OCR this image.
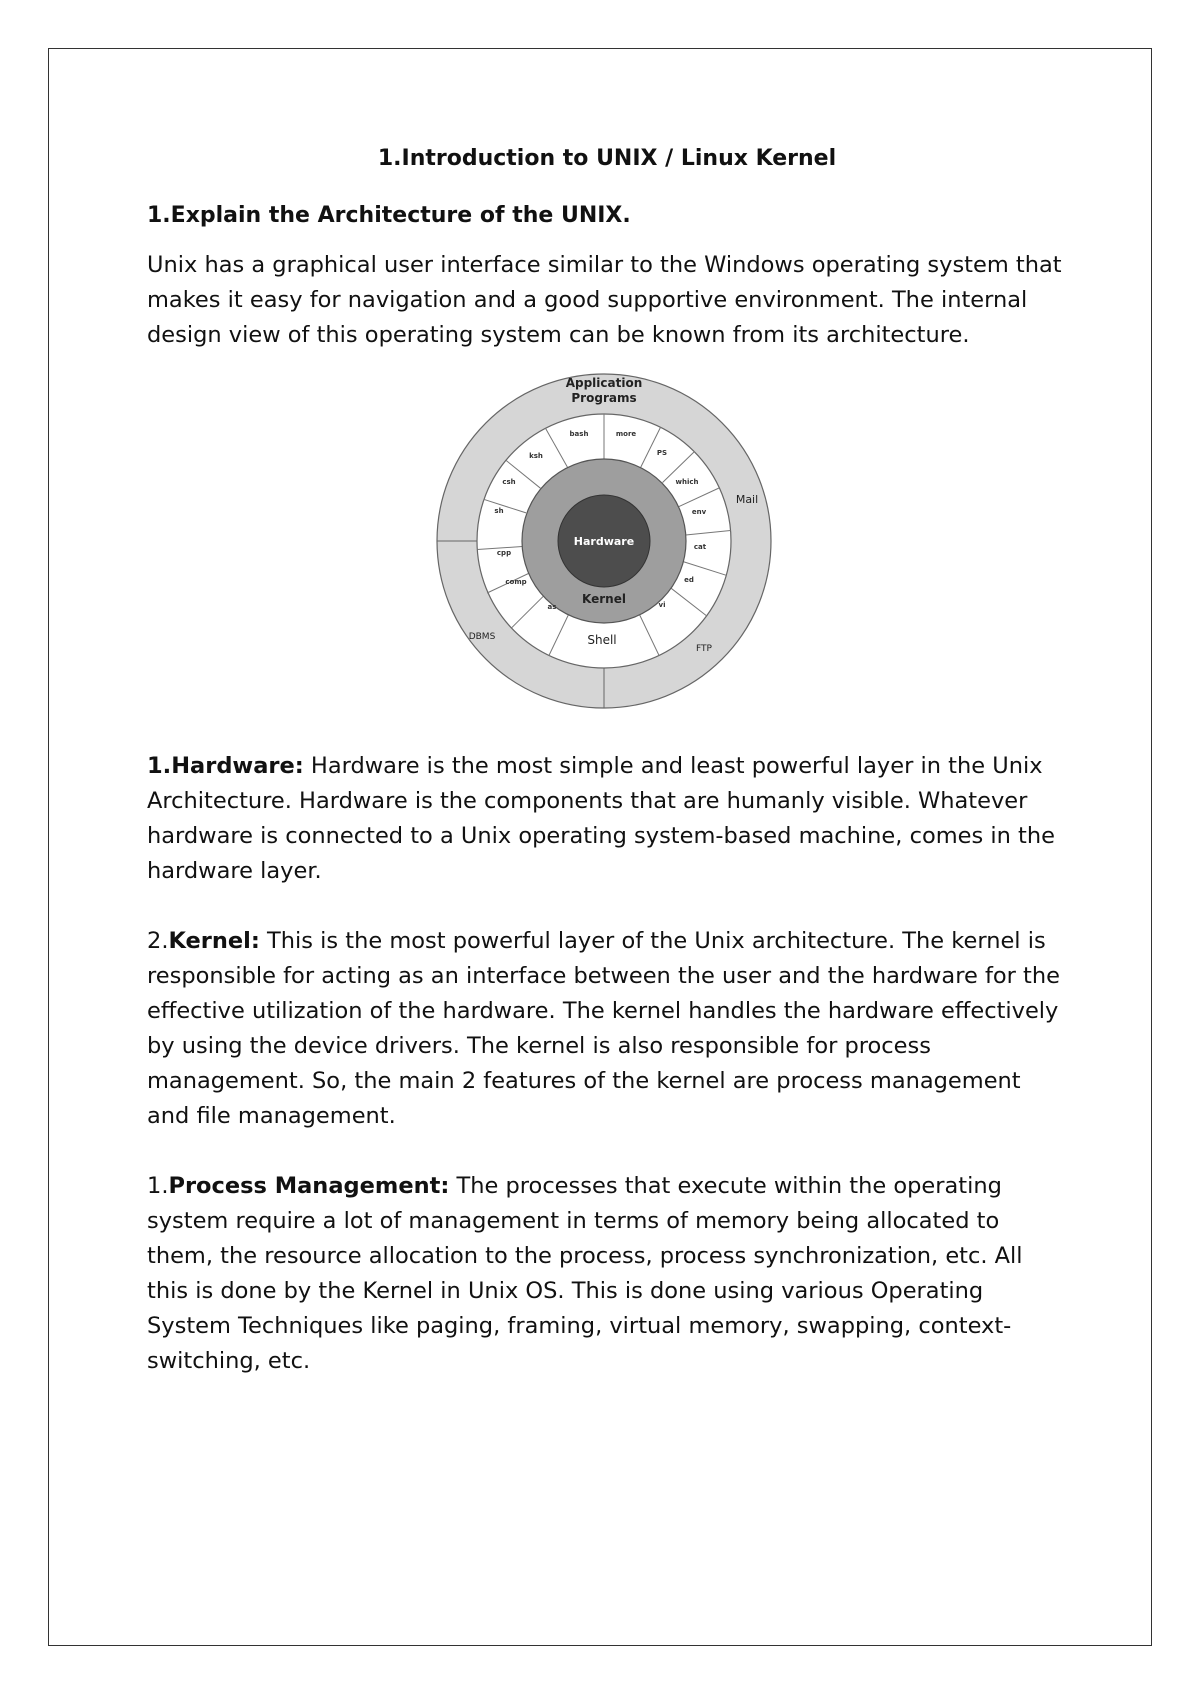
1.Introduction to UNIX / Linux Kernel
1.Explain the Architecture of the UNIX.

Unix has a graphical user interface similar to the Windows operating system that makes it easy for navigation and a good supportive environment. The internal design view of this operating system can be known from its architecture.

Application
Programs
Mail
DBMS
FTP
Shell
Kernel
Hardware
bash	more
PS
which
env
cat
ed
vi
as
comp
cpp
sh
csh
ksh

1.Hardware: Hardware is the most simple and least powerful layer in the Unix Architecture. Hardware is the components that are humanly visible. Whatever hardware is connected to a Unix operating system-based machine, comes in the hardware layer.

2.Kernel: This is the most powerful layer of the Unix architecture. The kernel is responsible for acting as an interface between the user and the hardware for the effective utilization of the hardware. The kernel handles the hardware effectively by using the device drivers. The kernel is also responsible for process management. So, the main 2 features of the kernel are process management and file management.

1.Process Management: The processes that execute within the operating system require a lot of management in terms of memory being allocated to them, the resource allocation to the process, process synchronization, etc. All this is done by the Kernel in Unix OS. This is done using various Operating System Techniques like paging, framing, virtual memory, swapping, context-switching, etc.
